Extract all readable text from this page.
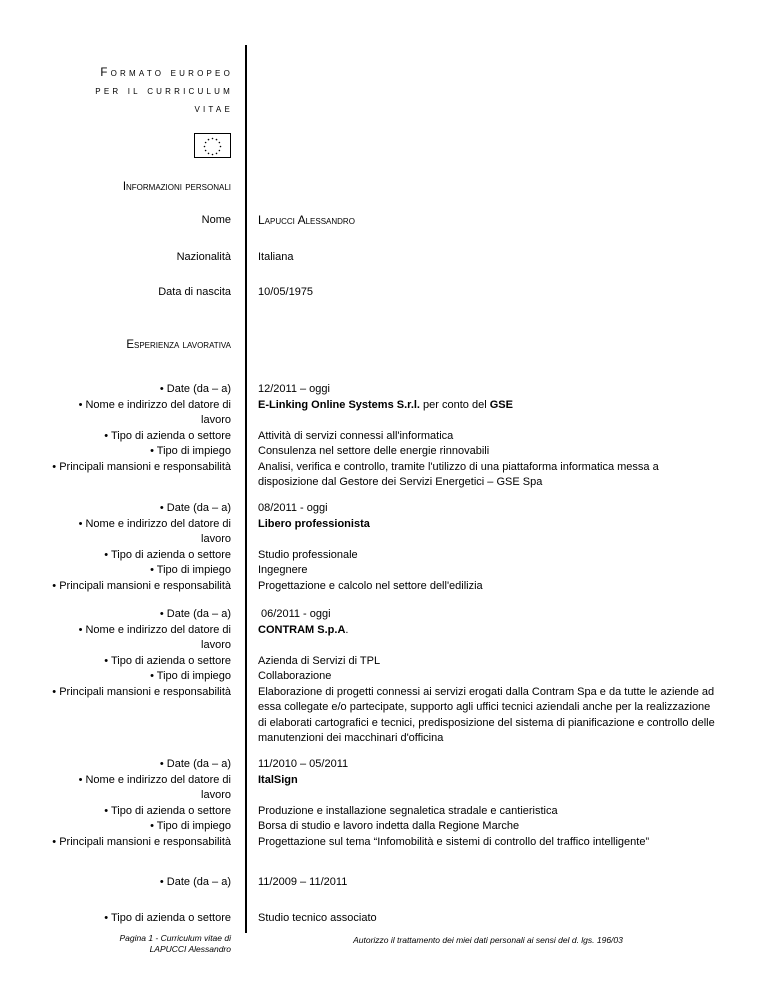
Formato europeo
per il curriculum
vitae
Informazioni personali
Nome Lapucci Alessandro
Nazionalità Italiana
Data di nascita 10/05/1975
Esperienza lavorativa
• Date (da – a)
• Nome e indirizzo del datore di
lavoro
• Tipo di azienda o settore
• Tipo di impiego
• Principali mansioni e responsabilità
12/2011 – oggi
E-Linking Online Systems S.r.l. per conto del GSE

Attività di servizi connessi all'informatica
Consulenza nel settore delle energie rinnovabili
Analisi, verifica e controllo, tramite l'utilizzo di una piattaforma informatica messa a disposizione dal Gestore dei Servizi Energetici – GSE Spa
• Date (da – a)
• Nome e indirizzo del datore di
lavoro
• Tipo di azienda o settore
• Tipo di impiego
• Principali mansioni e responsabilità
08/2011 - oggi
Libero professionista

Studio professionale
Ingegnere
Progettazione e calcolo nel settore dell'edilizia
• Date (da – a)
• Nome e indirizzo del datore di
lavoro
• Tipo di azienda o settore
• Tipo di impiego
• Principali mansioni e responsabilità
06/2011 - oggi
CONTRAM S.p.A.

Azienda di Servizi di TPL
Collaborazione
Elaborazione di progetti connessi ai servizi erogati dalla Contram Spa e da tutte le aziende ad essa collegate e/o partecipate, supporto agli uffici tecnici aziendali anche per la realizzazione di elaborati cartografici e tecnici, predisposizione del sistema di pianificazione e controllo delle manutenzioni dei macchinari d'officina
• Date (da – a)
• Nome e indirizzo del datore di
lavoro
• Tipo di azienda o settore
• Tipo di impiego
• Principali mansioni e responsabilità
11/2010 – 05/2011
ItalSign

Produzione e installazione segnaletica stradale e cantieristica
Borsa di studio e lavoro indetta dalla Regione Marche
Progettazione sul tema “Infomobilità e sistemi di controllo del traffico intelligente”
• Date (da – a) 11/2009 – 11/2011
• Tipo di azienda o settore Studio tecnico associato
Pagina 1 - Curriculum vitae di
LAPUCCI Alessandro
Autorizzo il trattamento dei miei dati personali ai sensi del d. lgs. 196/03
